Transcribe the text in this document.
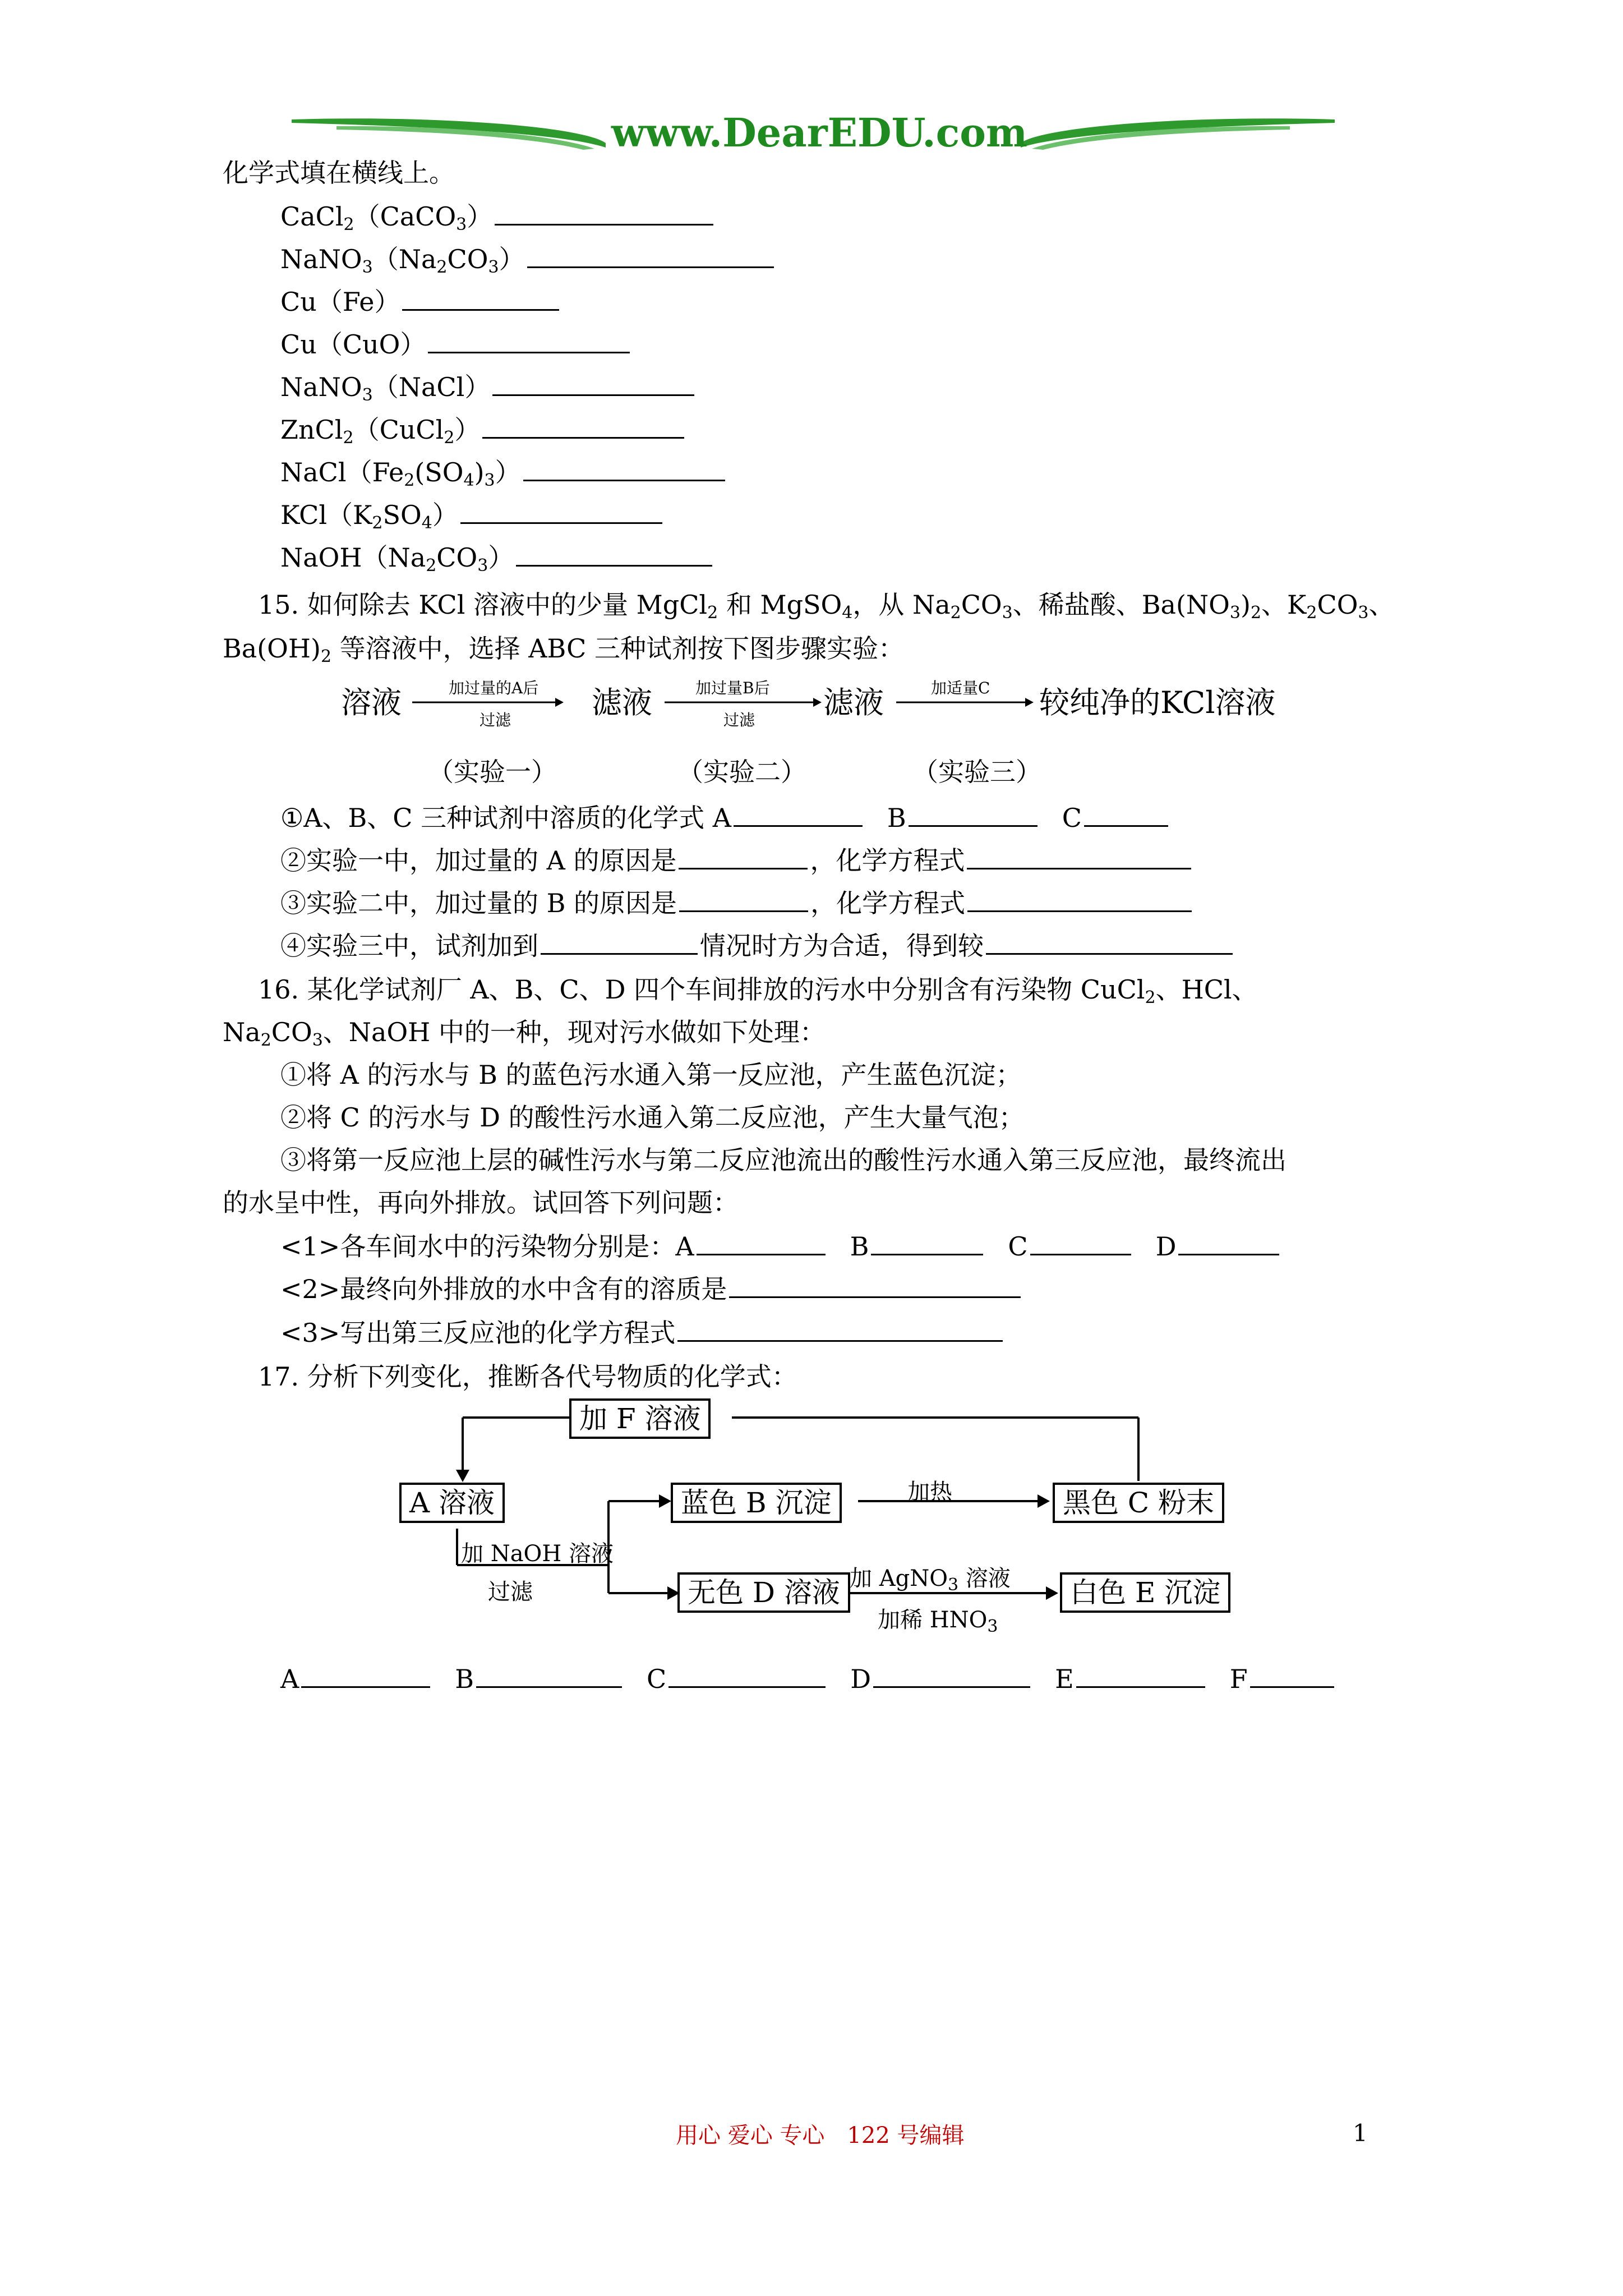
www.DearEDU.com
化学式填在横线上。
CaCl$_2$（CaCO$_3$）
$NaNO_3(Na_2CO_3)$
Cu（Fe）
Cu（CuO）
NaNO$_3$（NaCl）
ZnCl$_2$（CuCl$_2$）
$NaCl(Fe_2(SO_4)_3)$
$KCl(K_2SO_4)$
$NaOH(Na_2CO_3)$
15. 如何除去 KCl 溶液中的少量 MgCl$_2$ 和 MgSO$_4$，从 $Na_2CO_3$、稀盐酸、$Ba(NO_3)_2$、$K_2CO_3$、
$Ba(OH)_2$ 等溶液中，选择 ABC 三种试剂按下图步骤实验：
溶液	加过量的A后
过滤	滤液	加过量B后
过滤 滤液	加适量C 较纯净的KCl溶液
（实验一）	（实验二）	（实验三）
①A、B、C 三种试剂中溶质的化学式 A	B	C
②实验一中，加过量的 A 的原因是	，化学方程式
③实验二中，加过量的 B 的原因是	，化学方程式
④实验三中，试剂加到	情况时方为合适，得到较
16. 某化学试剂厂 A、B、C、D 四个车间排放的污水中分别含有污染物 CuCl$_2$、HCl、
$Na_2CO_3$、NaOH 中的一种，现对污水做如下处理：
①将 A 的污水与 B 的蓝色污水通入第一反应池，产生蓝色沉淀；
②将 C 的污水与 D 的酸性污水通入第二反应池，产生大量气泡；
③将第一反应池上层的碱性污水与第二反应池流出的酸性污水通入第三反应池，最终流出
的水呈中性，再向外排放。试回答下列问题：
<1>各车间水中的污染物分别是：A	B	C	D
<2>最终向外排放的水中含有的溶质是
<3>写出第三反应池的化学方程式
17. 分析下列变化，推断各代号物质的化学式：
加 F 溶液
A 溶液	蓝色 B 沉淀	黑色 C 粉末
无色 D 溶液	白色 E 沉淀
加热
加 NaOH 溶液
过滤
加 AgNO$_3$ 溶液
加稀 $HNO_3$
A	B	C	D	E	F
用心 爱心 专心　122 号编辑	1
